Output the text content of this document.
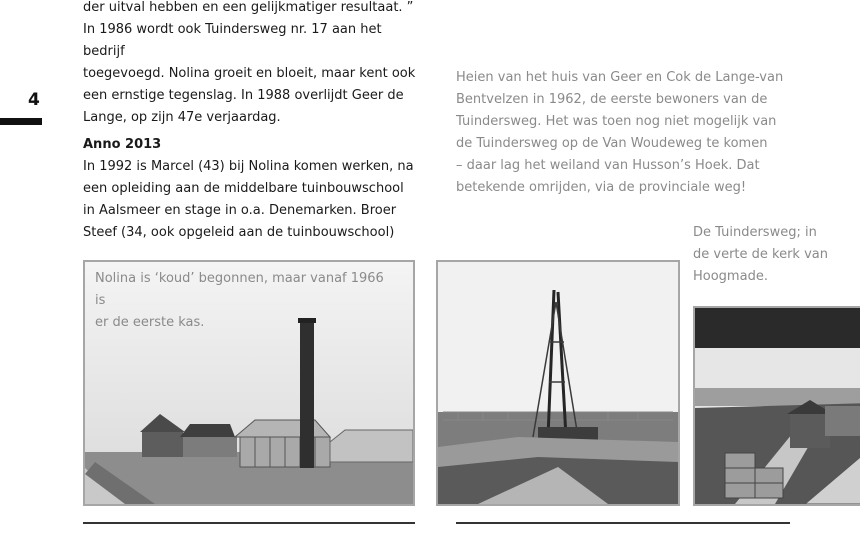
4

der uitval hebben en een gelijkmatiger resultaat. ”

In 1986 wordt ook Tuindersweg nr. 17 aan het bedrijf

toegevoegd. Nolina groeit en bloeit, maar kent ook

een ernstige tegenslag. In 1988 overlijdt Geer de

Lange, op zijn 47e verjaardag.

Anno 2013

In 1992 is Marcel (43) bij Nolina komen werken, na

een opleiding aan de middelbare tuinbouwschool

in Aalsmeer en stage in o.a. Denemarken. Broer

Steef (34, ook opgeleid aan de tuinbouwschool)

Heien van het huis van Geer en Cok de Lange-van
Bentvelzen in 1962, de eerste bewoners van de
Tuindersweg. Het was toen nog niet mogelijk van
de Tuindersweg op de Van Woudeweg te komen
– daar lag het weiland van Husson’s Hoek. Dat
betekende omrijden, via de provinciale weg!
De Tuindersweg; in
de verte de kerk van
Hoogmade.
Nolina is ‘koud’ begonnen, maar vanaf 1966 is
er de eerste kas.
